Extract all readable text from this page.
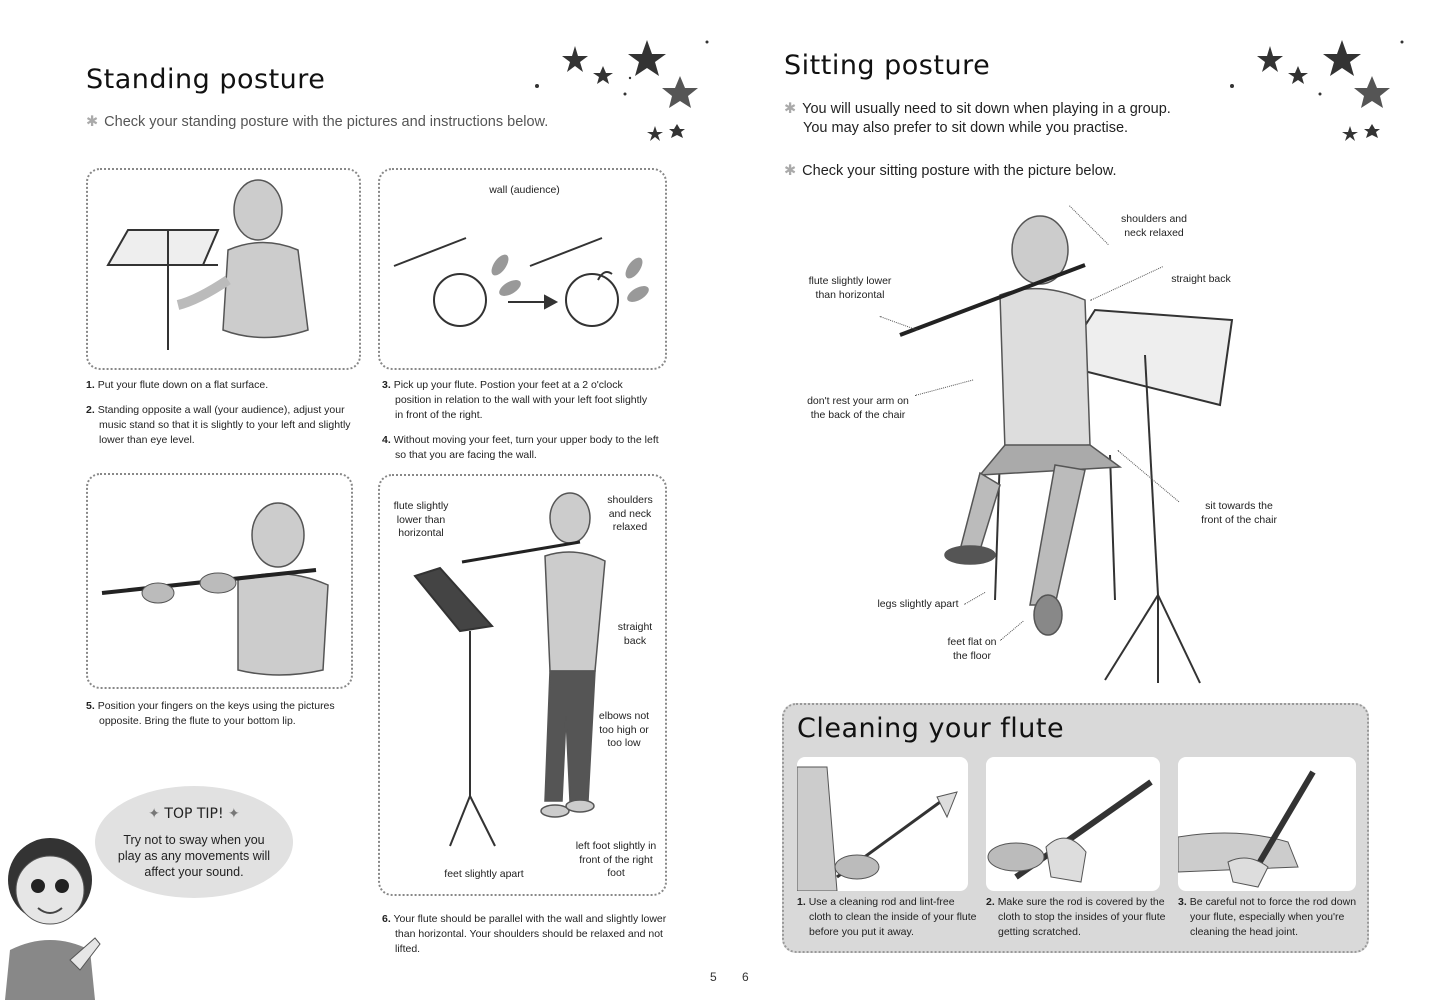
Standing posture
✱ Check your standing posture with the pictures and instructions below.
wall (audience)
1. Put your flute down on a flat surface.
2. Standing opposite a wall (your audience), adjust your music stand so that it is slightly to your left and slightly lower than eye level.
3. Pick up your flute. Postion your feet at a 2 o'clock position in relation to the wall with your left foot slightly in front of the right.
4. Without moving your feet, turn your upper body to the left so that you are facing the wall.
5. Position your fingers on the keys using the pictures opposite. Bring the flute to your bottom lip.
flute slightly lower than horizontal
shoulders and neck relaxed
straight back
elbows not too high or too low
feet slightly apart
left foot slightly in front of the right foot
6. Your flute should be parallel with the wall and slightly lower than horizontal. Your shoulders should be relaxed and not lifted.
✦ TOP TIP! ✦
Try not to sway when you play as any movements will affect your sound.
5
Sitting posture
✱ You will usually need to sit down when playing in a group. You may also prefer to sit down while you practise.
✱ Check your sitting posture with the picture below.
shoulders and neck relaxed
straight back
flute slightly lower than horizontal
don't rest your arm on the back of the chair
sit towards the front of the chair
legs slightly apart
feet flat on the floor
Cleaning your flute
1. Use a cleaning rod and lint-free cloth to clean the inside of your flute before you put it away.
2. Make sure the rod is covered by the cloth to stop the insides of your flute getting scratched.
3. Be careful not to force the rod down your flute, especially when you're cleaning the head joint.
6
